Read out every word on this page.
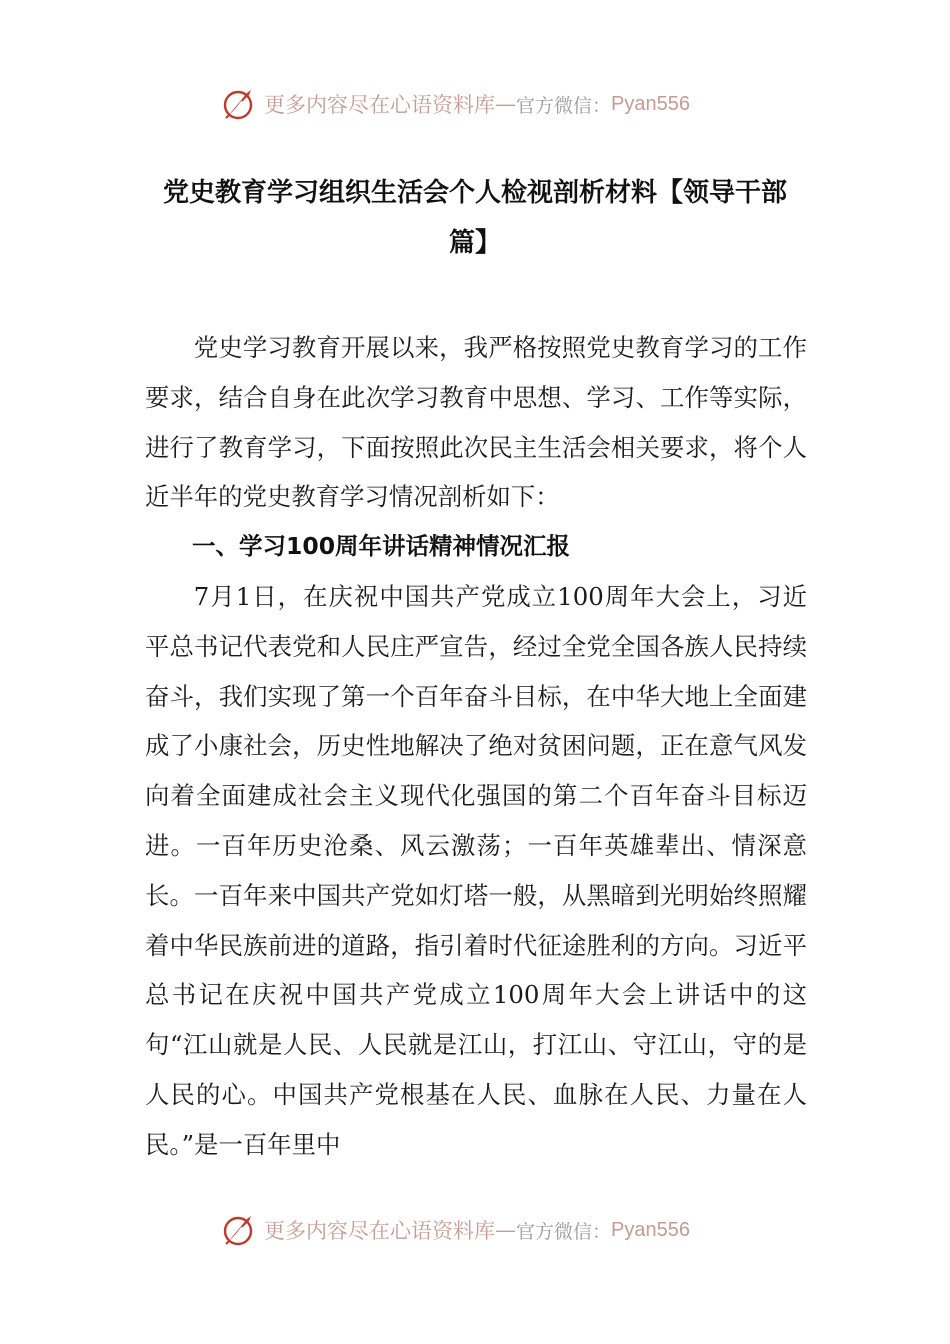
更多内容尽在心语资料库 — 官方微信： Pyan556
党史教育学习组织生活会个人检视剖析材料【领导干部篇】

党史学习教育开展以来，我严格按照党史教育学习的工作要求，结合自身在此次学习教育中思想、学习、工作等实际，进行了教育学习，下面按照此次民主生活会相关要求，将个人近半年的党史教育学习情况剖析如下：

一、学习100周年讲话精神情况汇报

7月1日，在庆祝中国共产党成立100周年大会上，习近平总书记代表党和人民庄严宣告，经过全党全国各族人民持续奋斗，我们实现了第一个百年奋斗目标，在中华大地上全面建成了小康社会，历史性地解决了绝对贫困问题，正在意气风发向着全面建成社会主义现代化强国的第二个百年奋斗目标迈进。一百年历史沧桑、风云激荡；一百年英雄辈出、情深意长。一百年来中国共产党如灯塔一般，从黑暗到光明始终照耀着中华民族前进的道路，指引着时代征途胜利的方向。习近平总书记在庆祝中国共产党成立100周年大会上讲话中的这句“江山就是人民、人民就是江山，打江山、守江山，守的是人民的心。中国共产党根基在人民、血脉在人民、力量在人民。”是一百年里中

更多内容尽在心语资料库 — 官方微信： Pyan556
